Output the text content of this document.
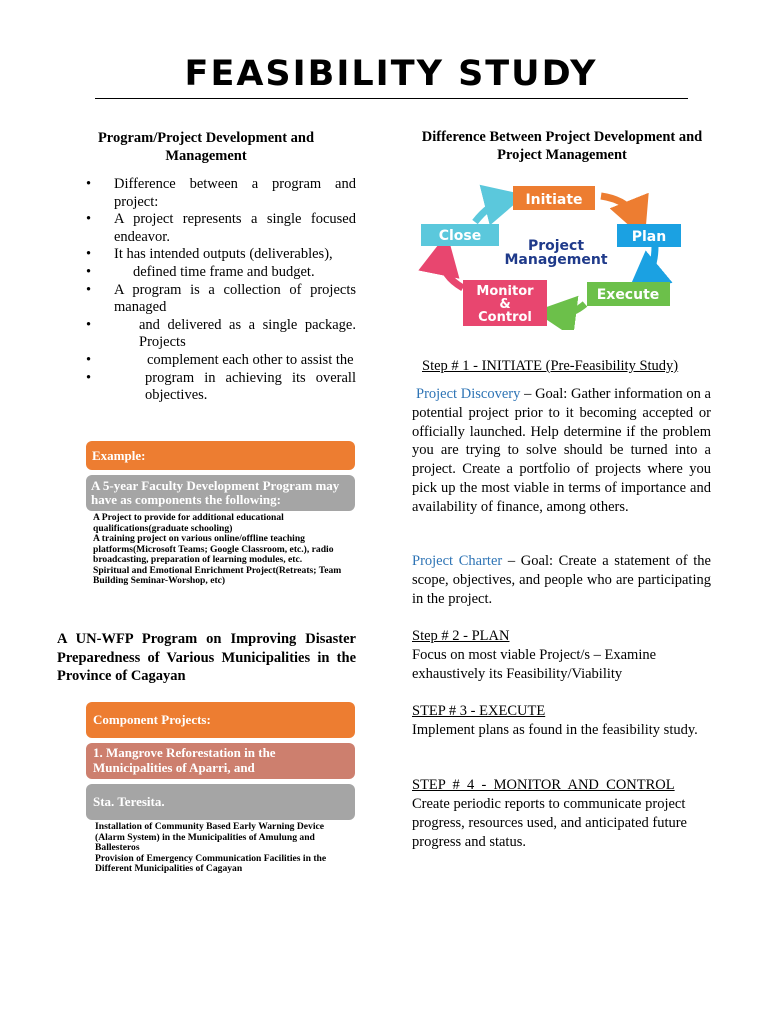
FEASIBILITY STUDY
Program/Project Development and Management
• Difference between a program and project:
• A project represents a single focused endeavor.
• It has intended outputs (deliverables),
• defined time frame and budget.
• A program is a collection of projects managed
• and delivered as a single package. Projects
• complement each other to assist the
• program in achieving its overall objectives.
Example:
A 5-year Faculty Development Program may have as components the following:
A Project to provide for additional educational qualifications(graduate schooling)
A training project on various online/offline teaching platforms(Microsoft Teams; Google Classroom, etc.), radio broadcasting, preparation of learning modules, etc.
Spiritual and Emotional Enrichment Project(Retreats; Team Building Seminar-Worshop, etc)
A UN-WFP Program on Improving Disaster Preparedness of Various Municipalities in the Province of Cagayan
Component Projects:
1. Mangrove Reforestation in the Municipalities of Aparri, and
Sta. Teresita.
Installation of Community Based Early Warning Device (Alarm System) in the Municipalities of Amulung and Ballesteros
Provision of Emergency Communication Facilities in the Different Municipalities of Cagayan
Difference Between Project Development and Project Management
Initiate
Plan
Execute
Monitor
&
Control
Close
Project
Management
Step # 1 - INITIATE (Pre-Feasibility Study)

Project Discovery – Goal: Gather information on a potential project prior to it becoming accepted or officially launched. Help determine if the problem you are trying to solve should be turned into a project. Create a portfolio of projects where you pick up the most viable in terms of importance and availability of finance, among others.

Project Charter – Goal: Create a statement of the scope, objectives, and people who are participating in the project.

Step # 2 - PLAN

Focus on most viable Project/s – Examine exhaustively its Feasibility/Viability

STEP # 3 - EXECUTE

Implement plans as found in the feasibility study.

STEP  #  4  -  MONITOR  AND  CONTROL

Create periodic reports to communicate project progress, resources used, and anticipated future progress and status.
